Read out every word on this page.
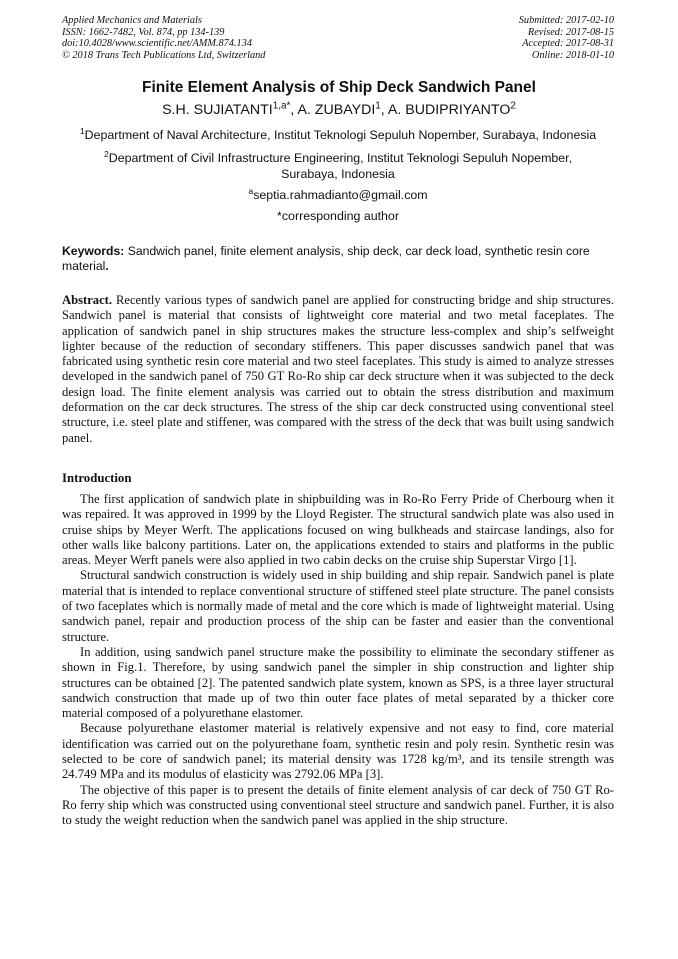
Applied Mechanics and Materials
ISSN: 1662-7482, Vol. 874, pp 134-139
doi:10.4028/www.scientific.net/AMM.874.134
© 2018 Trans Tech Publications Ltd, Switzerland
Submitted: 2017-02-10
Revised: 2017-08-15
Accepted: 2017-08-31
Online: 2018-01-10
Finite Element Analysis of Ship Deck Sandwich Panel
S.H. $SUJIATANTI^{1,a*}$, A. ZUBAYDI$^1$, A. BUDIPRIYANTO$^2$
$^1$Department of Naval Architecture, Institut Teknologi Sepuluh Nopember, Surabaya, Indonesia
$^2$Department of Civil Infrastructure Engineering, Institut Teknologi Sepuluh Nopember,
Surabaya, Indonesia
$^a$septia.rahmadianto@gmail.com
*corresponding author
Keywords: Sandwich panel, finite element analysis, ship deck, car deck load, synthetic resin core material.
Abstract. Recently various types of sandwich panel are applied for constructing bridge and ship structures. Sandwich panel is material that consists of lightweight core material and two metal faceplates. The application of sandwich panel in ship structures makes the structure less-complex and ship’s selfweight lighter because of the reduction of secondary stiffeners. This paper discusses sandwich panel that was fabricated using synthetic resin core material and two steel faceplates. This study is aimed to analyze stresses developed in the sandwich panel of 750 GT Ro-Ro ship car deck structure when it was subjected to the deck design load. The finite element analysis was carried out to obtain the stress distribution and maximum deformation on the car deck structures. The stress of the ship car deck constructed using conventional steel structure, i.e. steel plate and stiffener, was compared with the stress of the deck that was built using sandwich panel.
Introduction

The first application of sandwich plate in shipbuilding was in Ro-Ro Ferry Pride of Cherbourg when it was repaired. It was approved in 1999 by the Lloyd Register. The structural sandwich plate was also used in cruise ships by Meyer Werft. The applications focused on wing bulkheads and staircase landings, also for other walls like balcony partitions. Later on, the applications extended to stairs and platforms in the public areas. Meyer Werft panels were also applied in two cabin decks on the cruise ship Superstar Virgo [1].

Structural sandwich construction is widely used in ship building and ship repair. Sandwich panel is plate material that is intended to replace conventional structure of stiffened steel plate structure. The panel consists of two faceplates which is normally made of metal and the core which is made of lightweight material. Using sandwich panel, repair and production process of the ship can be faster and easier than the conventional structure.

In addition, using sandwich panel structure make the possibility to eliminate the secondary stiffener as shown in Fig.1. Therefore, by using sandwich panel the simpler in ship construction and lighter ship structures can be obtained [2]. The patented sandwich plate system, known as SPS, is a three layer structural sandwich construction that made up of two thin outer face plates of metal separated by a thicker core material composed of a polyurethane elastomer.

Because polyurethane elastomer material is relatively expensive and not easy to find, core material identification was carried out on the polyurethane foam, synthetic resin and poly resin. Synthetic resin was selected to be core of sandwich panel; its material density was 1728 kg/m³, and its tensile strength was 24.749 MPa and its modulus of elasticity was 2792.06 MPa [3].

The objective of this paper is to present the details of finite element analysis of car deck of 750 GT Ro-Ro ferry ship which was constructed using conventional steel structure and sandwich panel. Further, it is also to study the weight reduction when the sandwich panel was applied in the ship structure.
